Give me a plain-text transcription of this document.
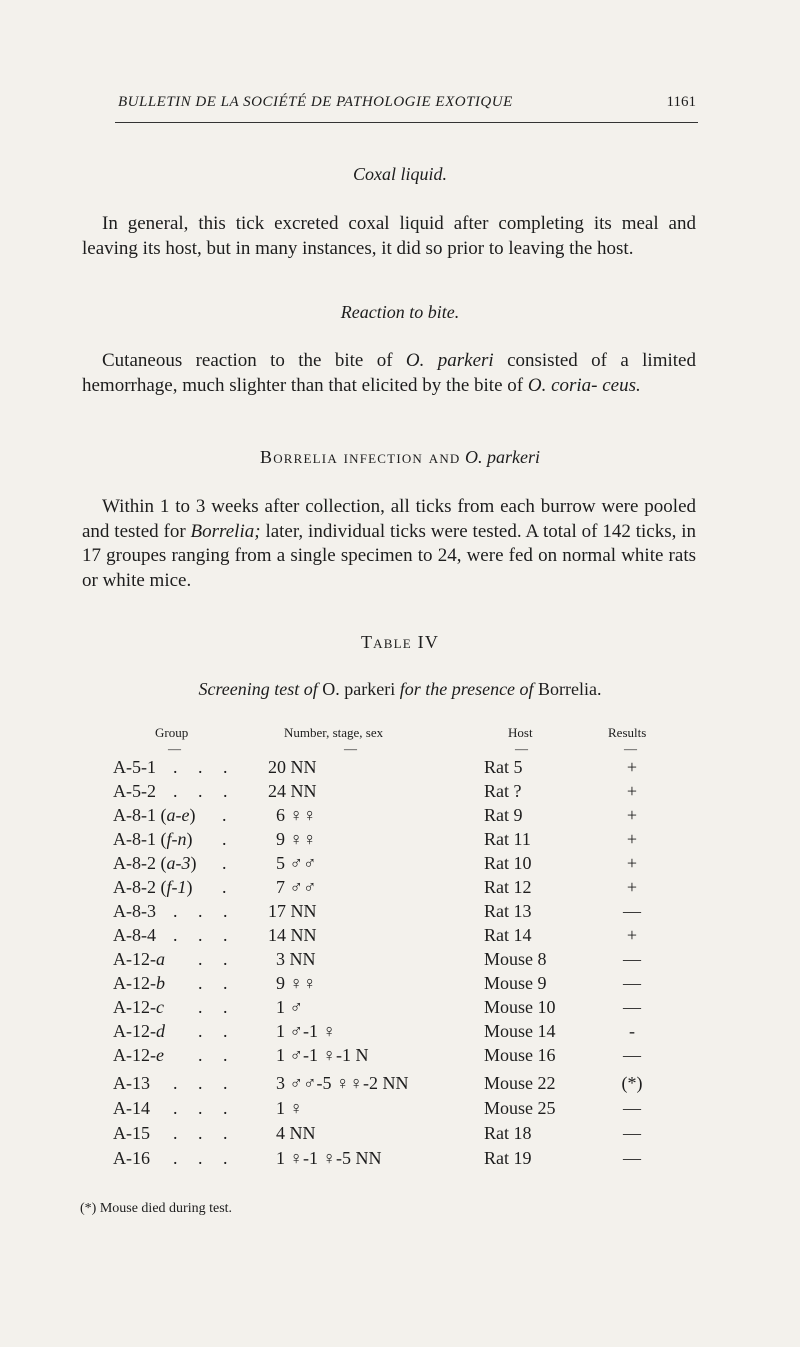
BULLETIN DE LA SOCIÉTÉ DE PATHOLOGIE EXOTIQUE	1161
Coxal liquid.
In general, this tick excreted coxal liquid after completing its meal and leaving its host, but in many instances, it did so prior to leaving the host.
Reaction to bite.
Cutaneous reaction to the bite of O. parkeri consisted of a limited hemorrhage, much slighter than that elicited by the bite of O. coria- ceus.
Borrelia infection and O. parkeri
Within 1 to 3 weeks after collection, all ticks from each burrow were pooled and tested for Borrelia; later, individual ticks were tested. A total of 142 ticks, in 17 groupes ranging from a single specimen to 24, were fed on normal white rats or white mice.
Table IV
Screening test of O. parkeri for the presence of Borrelia.
Group	Number, stage, sex	Host	Results
—	—	—	—
A-5-1 . . . 20 NN	Rat 5	+
A-5-2 . . . 24 NN	Rat ?	+
A-8-1 (a-e) . 6 ♀♀	Rat 9	+
A-8-1 (f-n) . 9 ♀♀	Rat 11	+
A-8-2 (a-3) . 5 ♂♂	Rat 10	+
A-8-2 (f-1) . 7 ♂♂	Rat 12	+
A-8-3 . . . 17 NN	Rat 13	—
A-8-4 . . . 14 NN	Rat 14	+
A-12-a . . 3 NN	Mouse 8	—
A-12-b . . 9 ♀♀	Mouse 9	—
A-12-c . . 1 ♂	Mouse 10	—
A-12-d . . 1 ♂-1 ♀	Mouse 14	-
A-12-e . . 1 ♂-1 ♀-1 N	Mouse 16	—
A-13 . . . 3 ♂♂-5 ♀♀-2 NN	Mouse 22	(*)
A-14 . . . 1 ♀	Mouse 25	—
A-15 . . . 4 NN	Rat 18	—
A-16 . . . 1 ♀-1 ♀-5 NN	Rat 19	—
(*) Mouse died during test.
